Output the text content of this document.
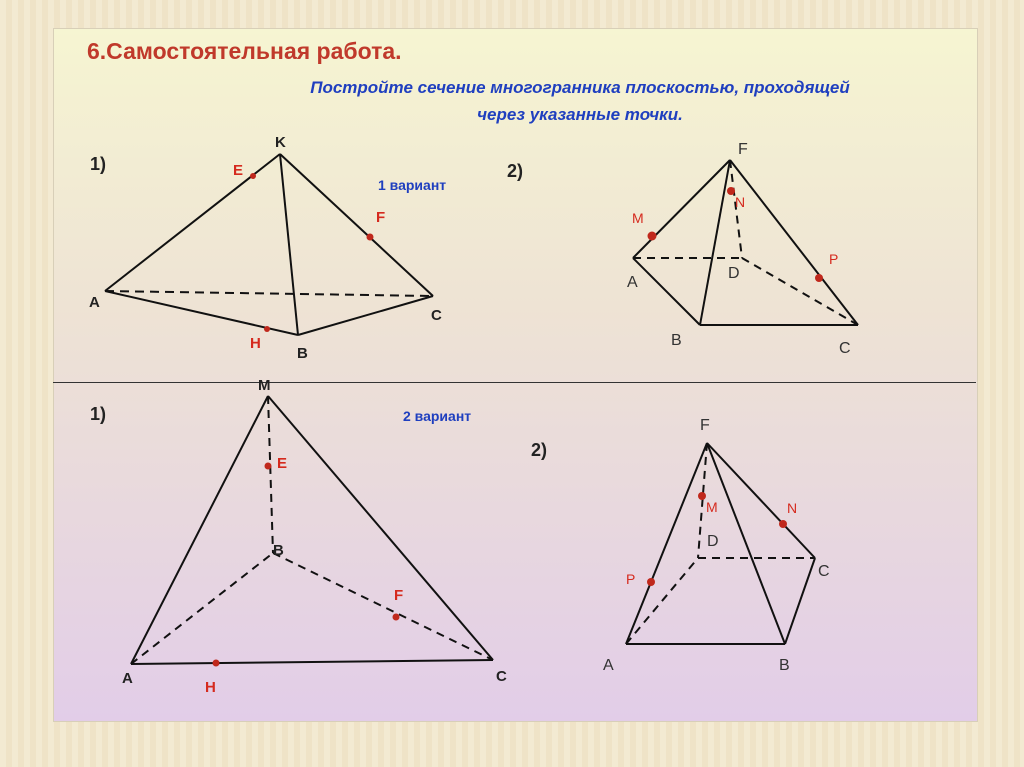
6.Самостоятельная работа.
Постройте сечение многогранника плоскостью, проходящей
через указанные точки.
1)	2)
1 вариант
K
A
B
C
E
F
H
F
A
B	C
D
M
N
P
1)
2)
2 вариант
M
A
B
C
E
F
H
F
A	B
C
D
M	N
P
